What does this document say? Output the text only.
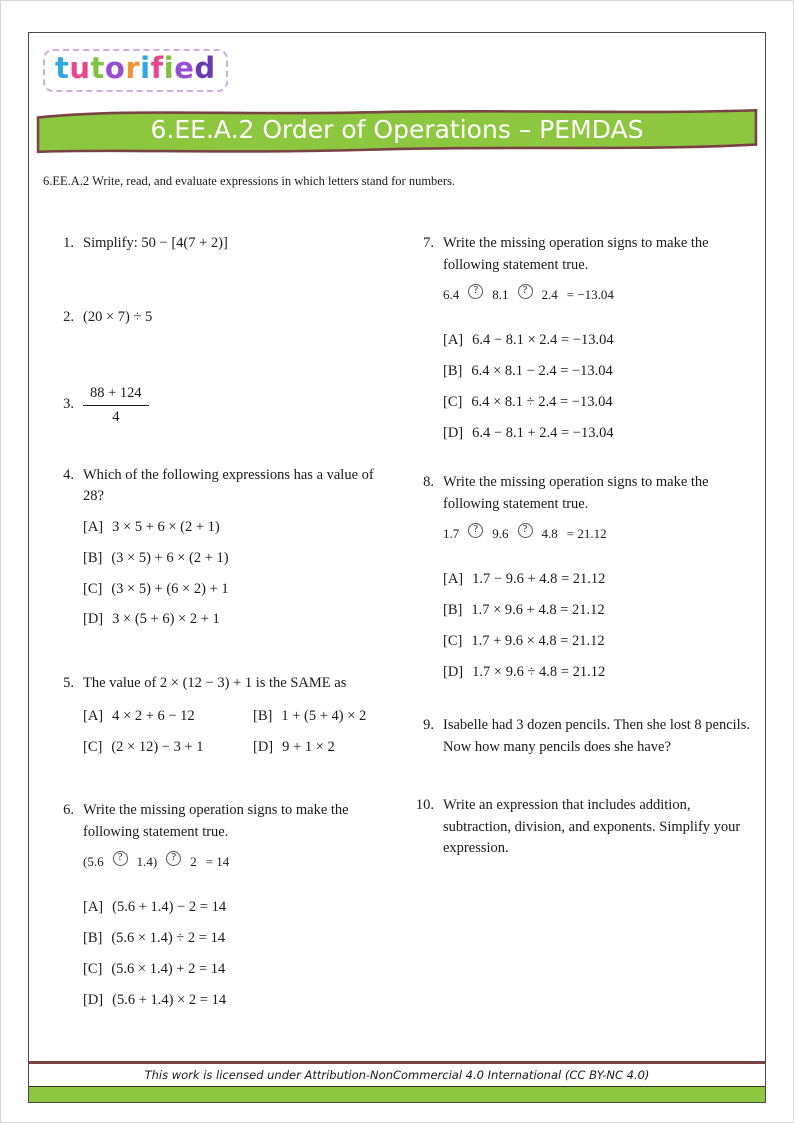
tutorified
6.EE.A.2 Order of Operations – PEMDAS
6.EE.A.2 Write, read, and evaluate expressions in which letters stand for numbers.
1. Simplify: 50 − [4(7 + 2)]
2. (20 × 7) ÷ 5
3. $\frac{88 + 124}{4}$
4. Which of the following expressions has a value of 28?
[A] 3 × 5 + 6 × (2 + 1)
[B] (3 × 5) + 6 × (2 + 1)
[C] (3 × 5) + (6 × 2) + 1
[D] 3 × (5 + 6) × 2 + 1
5. The value of 2 × (12 − 3) + 1 is the SAME as
[A] 4 × 2 + 6 − 12	[B] 1 + (5 + 4) × 2
[C] (2 × 12) − 3 + 1	[D] 9 + 1 × 2
6. Write the missing operation signs to make the following statement true.
(5.6	?	1.4)	?	2 = 14
[A] (5.6 + 1.4) − 2 = 14
[B] (5.6 × 1.4) ÷ 2 = 14
[C] (5.6 × 1.4) + 2 = 14
[D] (5.6 + 1.4) × 2 = 14
7. Write the missing operation signs to make the following statement true.
6.4	?	8.1	?	2.4 = −13.04
[A] 6.4 − 8.1 × 2.4 = −13.04
[B] 6.4 × 8.1 − 2.4 = −13.04
[C] 6.4 × 8.1 ÷ 2.4 = −13.04
[D] 6.4 − 8.1 + 2.4 = −13.04
8. Write the missing operation signs to make the following statement true.
1.7	?	9.6	?	4.8 = 21.12
[A] 1.7 − 9.6 + 4.8 = 21.12
[B] 1.7 × 9.6 + 4.8 = 21.12
[C] 1.7 + 9.6 × 4.8 = 21.12
[D] 1.7 × 9.6 ÷ 4.8 = 21.12
9. Isabelle had 3 dozen pencils. Then she lost 8 pencils. Now how many pencils does she have?
10. Write an expression that includes addition, subtraction, division, and exponents. Simplify your expression.
This work is licensed under Attribution-NonCommercial 4.0 International (CC BY-NC 4.0)
